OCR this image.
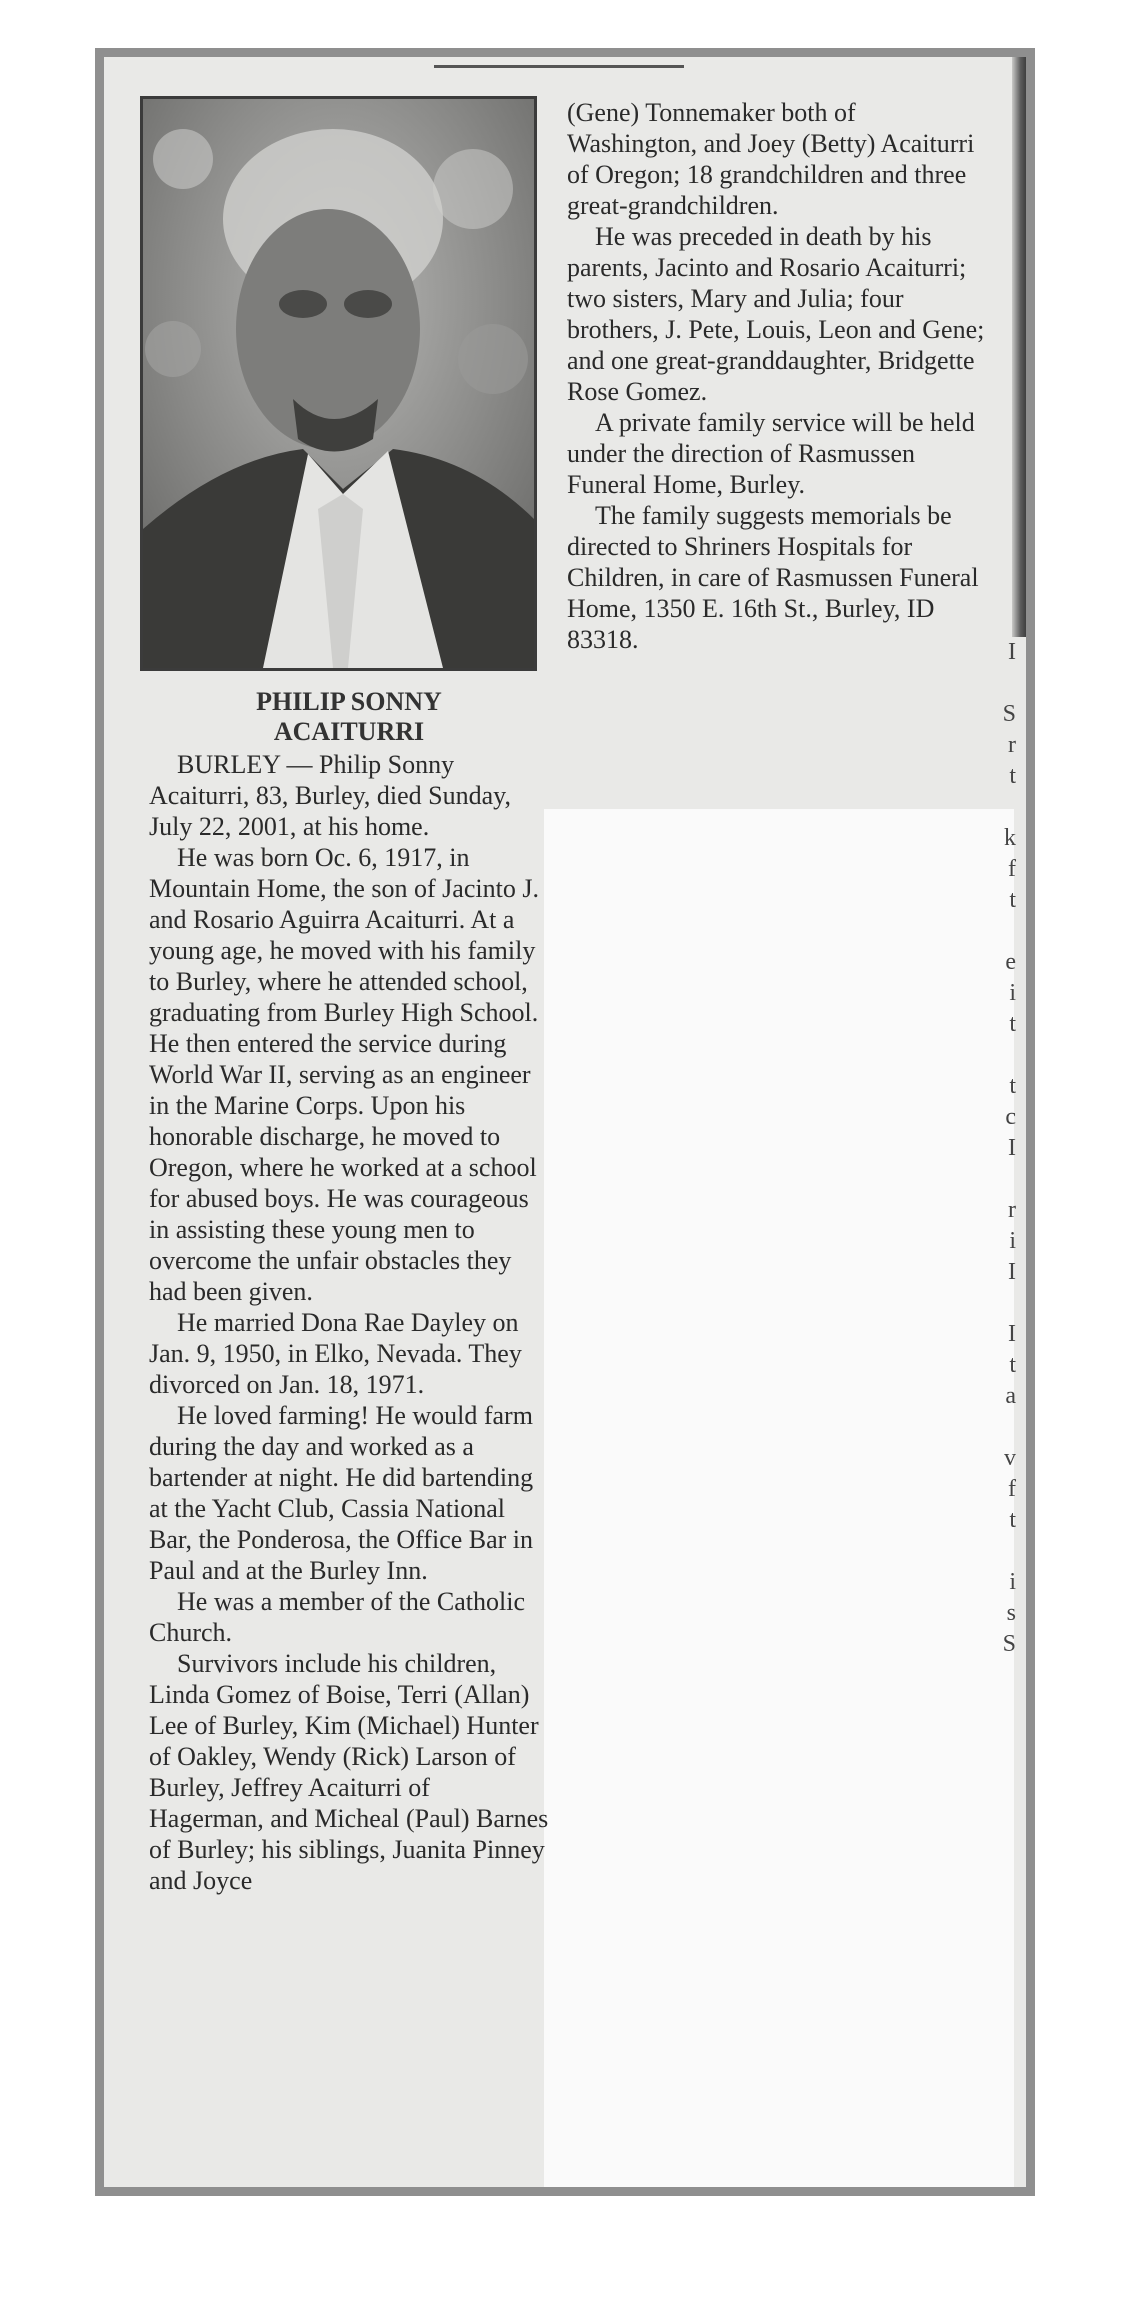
PHILIP SONNY
ACAITURRI

BURLEY — Philip Sonny Acaiturri, 83, Burley, died Sunday, July 22, 2001, at his home.

He was born Oc. 6, 1917, in Mountain Home, the son of Jacinto J. and Rosario Aguirra Acaiturri. At a young age, he moved with his family to Burley, where he attended school, graduating from Burley High School. He then entered the service during World War II, serving as an engineer in the Marine Corps. Upon his honorable discharge, he moved to Oregon, where he worked at a school for abused boys. He was courageous in assisting these young men to overcome the unfair obstacles they had been given.

He married Dona Rae Dayley on Jan. 9, 1950, in Elko, Nevada. They divorced on Jan. 18, 1971.

He loved farming! He would farm during the day and worked as a bartender at night. He did bartending at the Yacht Club, Cassia National Bar, the Ponderosa, the Office Bar in Paul and at the Burley Inn.

He was a member of the Catholic Church.

Survivors include his children, Linda Gomez of Boise, Terri (Allan) Lee of Burley, Kim (Michael) Hunter of Oakley, Wendy (Rick) Larson of Burley, Jeffrey Acaiturri of Hagerman, and Micheal (Paul) Barnes of Burley; his siblings, Juanita Pinney and Joyce

(Gene) Tonnemaker both of Washington, and Joey (Betty) Acaiturri of Oregon; 18 grandchildren and three great-grandchildren.

He was preceded in death by his parents, Jacinto and Rosario Acaiturri; two sisters, Mary and Julia; four brothers, J. Pete, Louis, Leon and Gene; and one great-granddaughter, Bridgette Rose Gomez.

A private family service will be held under the direction of Rasmussen Funeral Home, Burley.

The family suggests memorials be directed to Shriners Hospitals for Children, in care of Rasmussen Funeral Home, 1350 E. 16th St., Burley, ID 83318.	I
S
r
t
k
f
t
e
i
t
t
c
I
r
i
I
I
t
a
v
f
t
i
s
S
